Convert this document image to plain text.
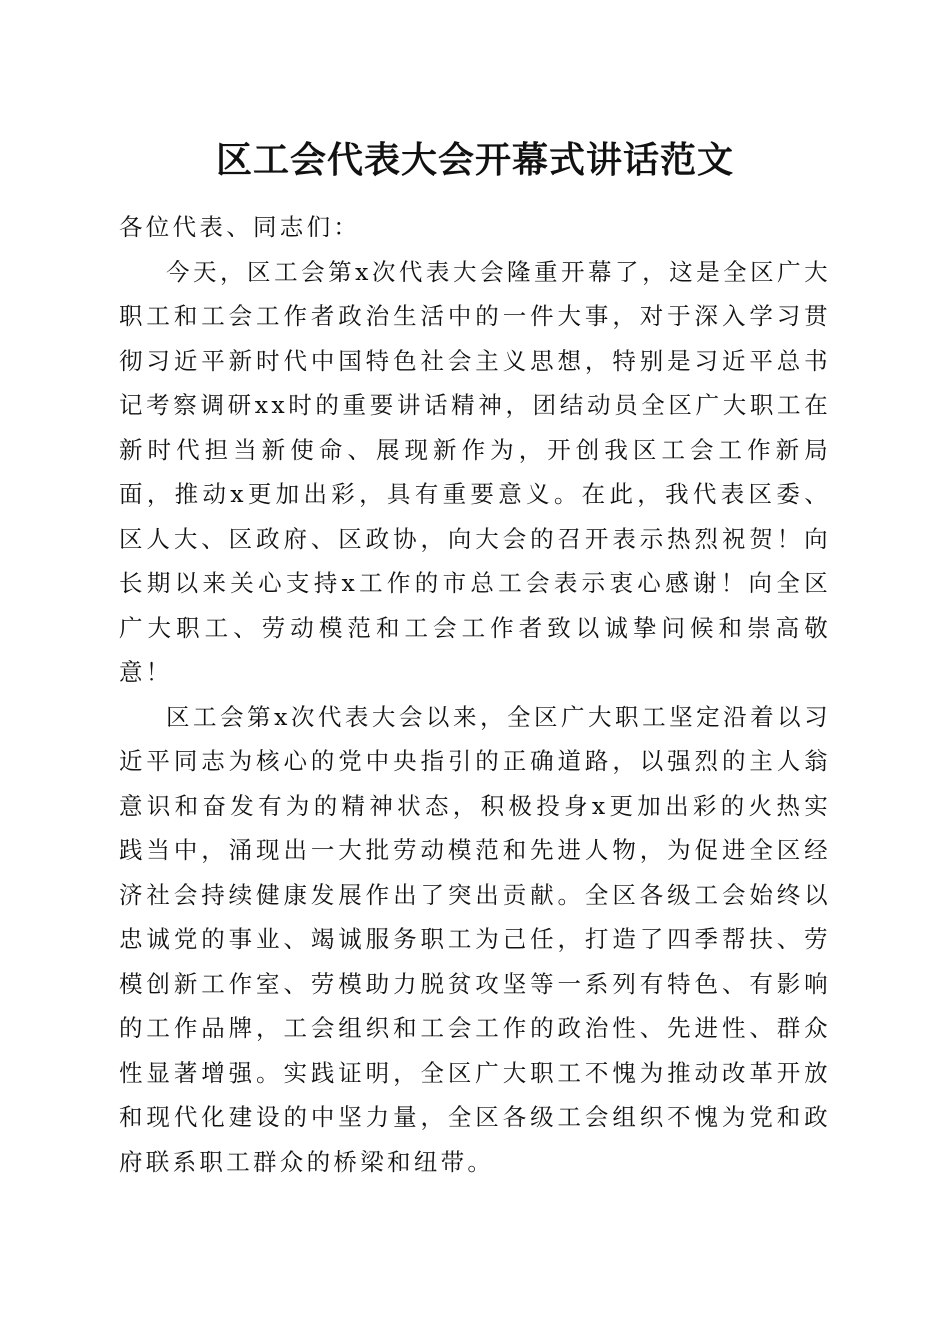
区工会代表大会开幕式讲话范文

各位代表、同志们：

今天，区工会第x次代表大会隆重开幕了，这是全区广大职工和工会工作者政治生活中的一件大事，对于深入学习贯彻习近平新时代中国特色社会主义思想，特别是习近平总书记考察调研xx时的重要讲话精神，团结动员全区广大职工在新时代担当新使命、展现新作为，开创我区工会工作新局面，推动x更加出彩，具有重要意义。在此，我代表区委、区人大、区政府、区政协，向大会的召开表示热烈祝贺！向长期以来关心支持x工作的市总工会表示衷心感谢！向全区广大职工、劳动模范和工会工作者致以诚挚问候和崇高敬意！

区工会第x次代表大会以来，全区广大职工坚定沿着以习近平同志为核心的党中央指引的正确道路，以强烈的主人翁意识和奋发有为的精神状态，积极投身x更加出彩的火热实践当中，涌现出一大批劳动模范和先进人物，为促进全区经济社会持续健康发展作出了突出贡献。全区各级工会始终以忠诚党的事业、竭诚服务职工为己任，打造了四季帮扶、劳模创新工作室、劳模助力脱贫攻坚等一系列有特色、有影响的工作品牌，工会组织和工会工作的政治性、先进性、群众性显著增强。实践证明，全区广大职工不愧为推动改革开放和现代化建设的中坚力量，全区各级工会组织不愧为党和政府联系职工群众的桥梁和纽带。
